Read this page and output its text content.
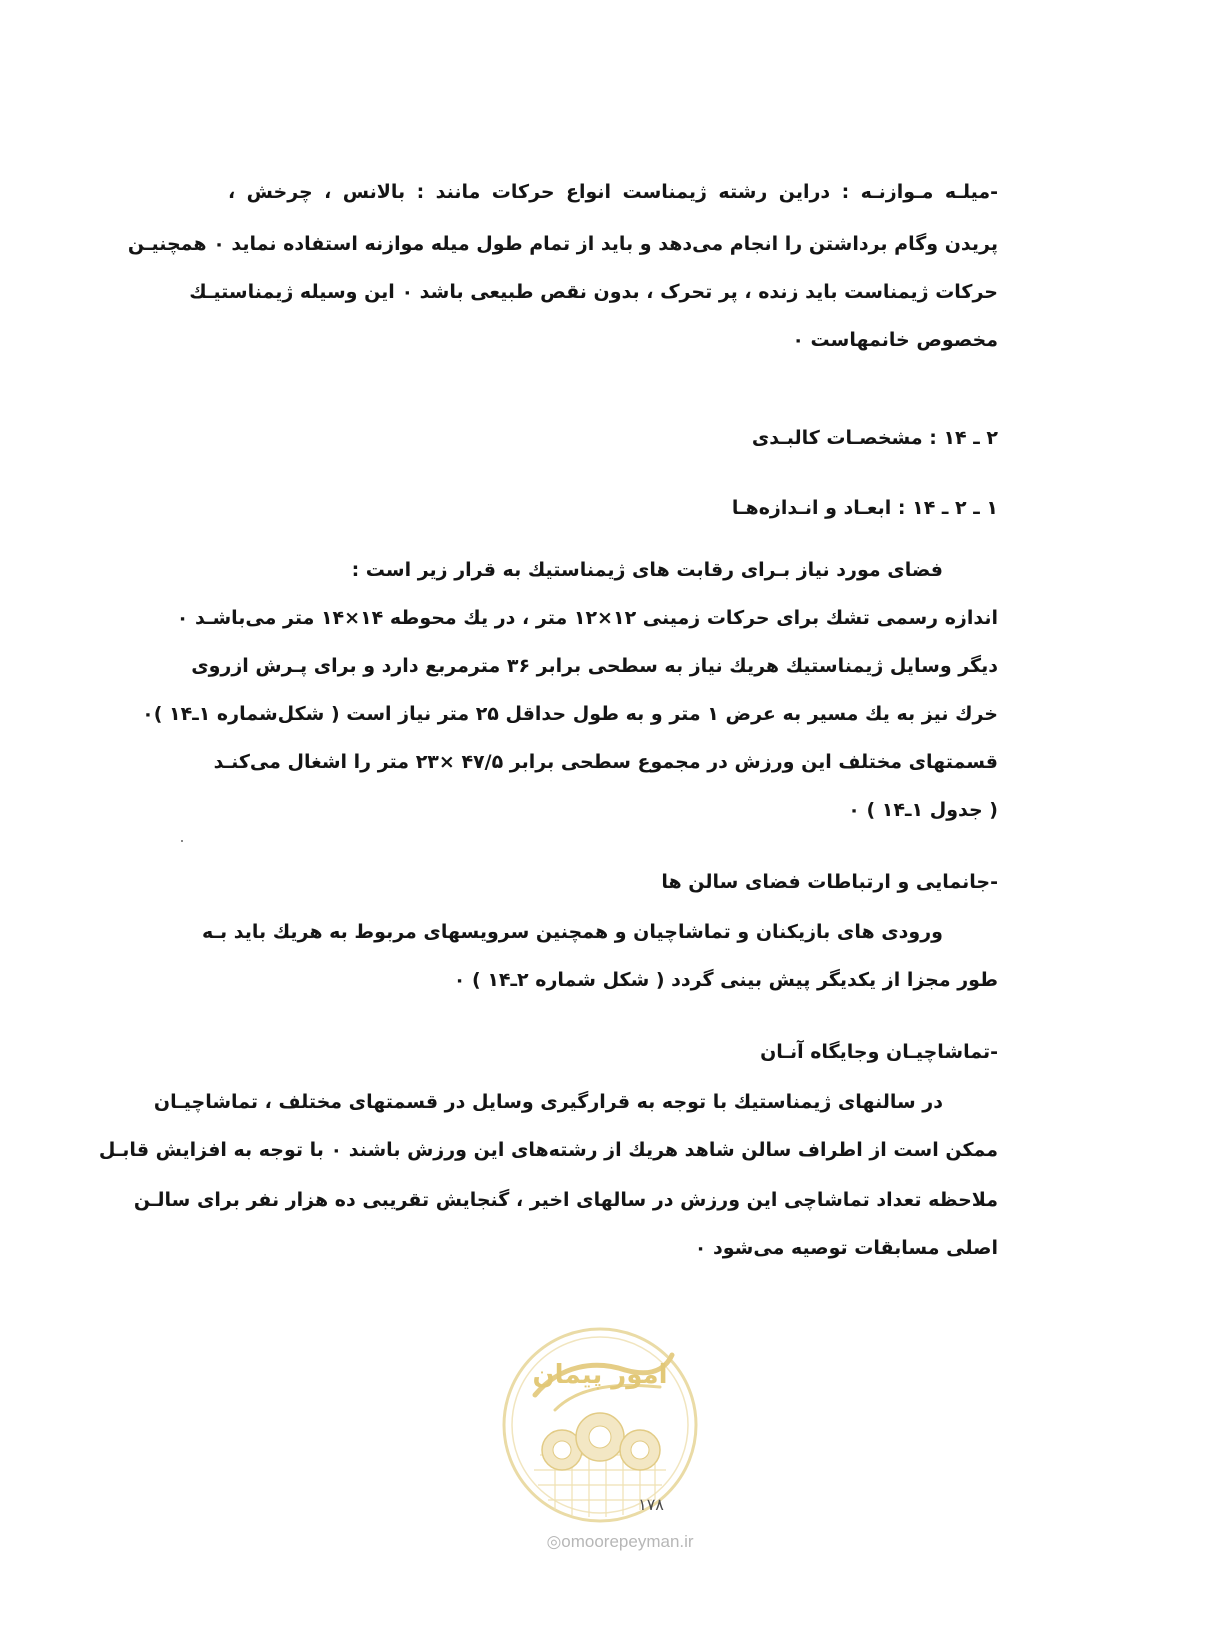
-میلـه مـوازنـه : دراین رشته ژیمناست انواع حرکات مانند : بالانس ، چرخش ،
پریدن وگام برداشتن را انجام می‌دهد و باید از تمام طول میله موازنه استفاده نماید ۰ همچنیـن
حرکات ژیمناست باید زنده ، پر تحرک ، بدون نقص طبیعی باشد ۰ این وسیله ژیمناستیـك
مخصوص خانمهاست ۰
۲ ـ ۱۴ : مشخصـات کالبـدی
۱ ـ ۲ ـ ۱۴ : ابعـاد و انـدازه‌هـا
فضای مورد نیاز بـرای رقابت های ژیمناستیك به قرار زیر است :
اندازه رسمی تشك برای حرکات زمینی ۱۲×۱۲ متر ، در یك محوطه ۱۴×۱۴ متر می‌باشـد ۰
دیگر وسایل ژیمناستیك هریك نیاز به سطحی برابر ۳۶ مترمربع دارد و برای پـرش ازروی
خرك نیز به یك مسیر به عرض ۱ متر و به طول حداقل ۲۵ متر نیاز است ( شکل‌شماره ۱ـ۱۴ )۰
قسمتهای مختلف این ورزش در مجموع سطحی برابر ۴۷/۵ ×۲۳ متر را اشغال می‌کنـد
( جدول ۱ـ۱۴ ) ۰
-جانمایی و ارتباطات فضای سالن ها
ورودی های بازیکنان و تماشاچیان و همچنین سرویسهای مربوط به هریك باید بـه
طور مجزا از یکدیگر پیش بینی گردد ( شکل شماره ۲ـ۱۴ ) ۰
-تماشاچیـان وجایگاه آنـان
در سالنهای ژیمناستیك با توجه به قرارگیری وسایل در قسمتهای مختلف ، تماشاچیـان
ممکن است از اطراف سالن شاهد هریك از رشته‌های این ورزش باشند ۰ با توجه به افزایش قابـل
ملاحظه تعداد تماشاچی این ورزش در سالهای اخیر ، گنجایش تقریبی ده هزار نفر برای سالـن
اصلی مسابقات توصیه می‌شود ۰
امور پیمان
۱۷۸
◎omoorepeyman.ir
